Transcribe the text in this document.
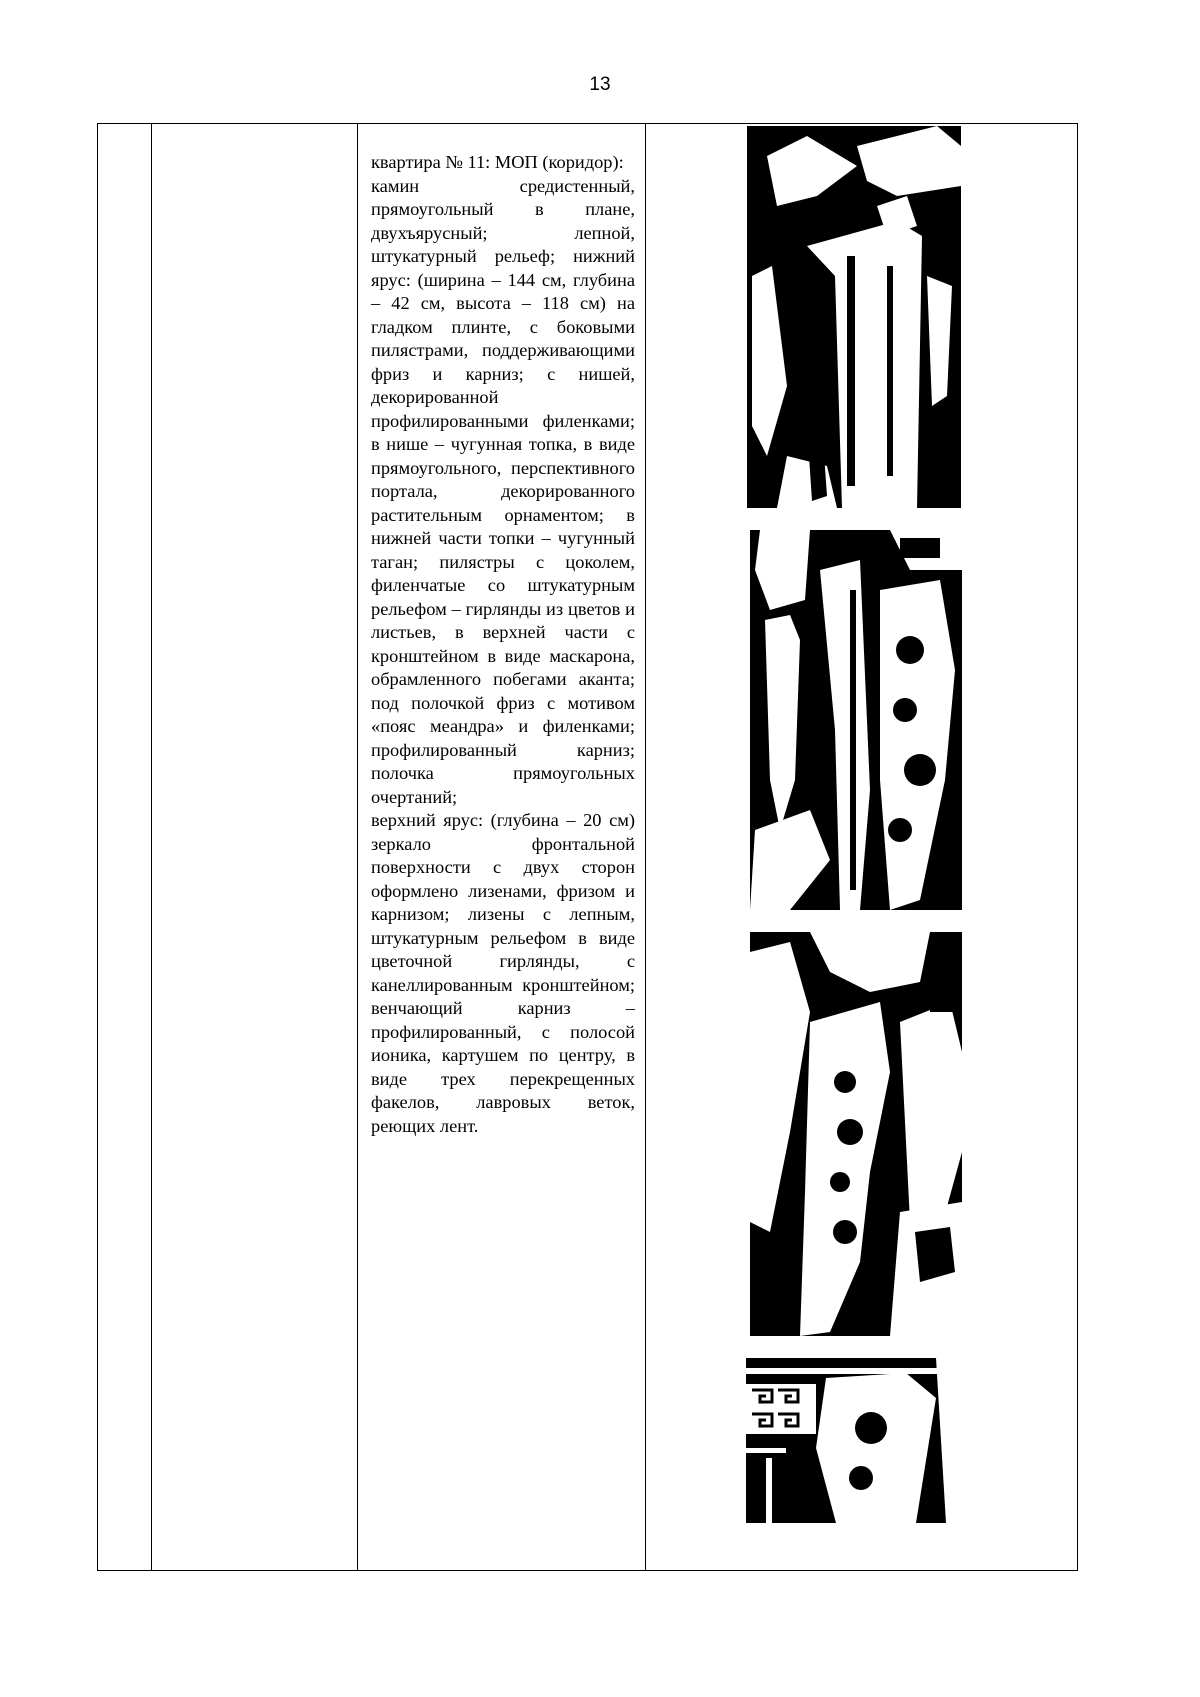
13

квартира № 11: МОП (коридор):

камин средистенный, прямоугольный в плане, двухъярусный; лепной, штукатурный рельеф; нижний ярус: (ширина – 144 см, глубина – 42 см, высота – 118 см) на гладком плинте, с боковыми пилястрами, поддерживающими фриз и карниз; с нишей, декорированной профилированными филенками; в нише – чугунная топка, в виде прямоугольного, перспективного портала, декорированного растительным орнаментом; в нижней части топки – чугунный таган; пилястры с цоколем, филенчатые со штукатурным рельефом – гирлянды из цветов и листьев, в верхней части с кронштейном в виде маскарона, обрамленного побегами аканта; под полочкой фриз с мотивом «пояс меандра» и филенками; профилированный карниз; полочка прямоугольных очертаний;

верхний ярус: (глубина – 20 см) зеркало фронтальной поверхности с двух сторон оформлено лизенами, фризом и карнизом; лизены с лепным, штукатурным рельефом в виде цветочной гирлянды, с канеллированным кронштейном; венчающий карниз – профилированный, с полосой ионика, картушем по центру, в виде трех перекрещенных факелов, лавровых веток, реющих лент.
